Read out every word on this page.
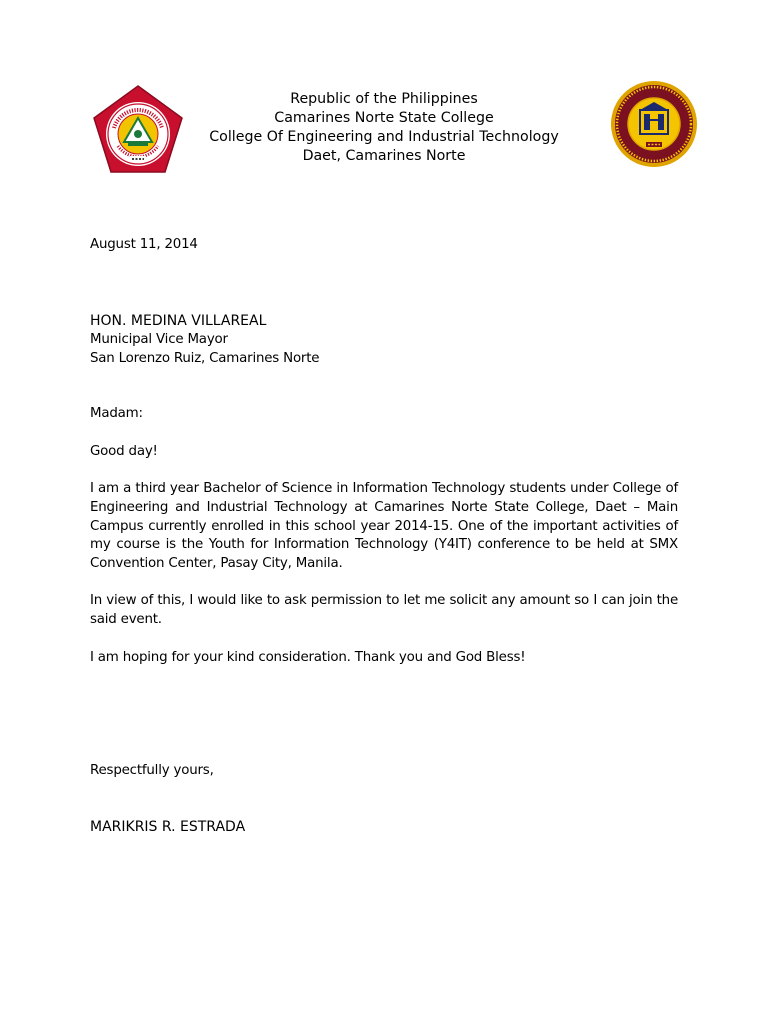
Republic of the Philippines
Camarines Norte State College
College Of Engineering and Industrial Technology
Daet, Camarines Norte
August 11, 2014
HON. MEDINA VILLAREAL
Municipal Vice Mayor
San Lorenzo Ruiz, Camarines Norte
Madam:
Good day!
I am a third year Bachelor of Science in Information Technology students under College of Engineering and Industrial Technology at Camarines Norte State College, Daet – Main Campus currently enrolled in this school year 2014-15. One of the important activities of my course is the Youth for Information Technology (Y4IT) conference to be held at SMX Convention Center, Pasay City, Manila.
In view of this, I would like to ask permission to let me solicit any amount so I can join the said event.
I am hoping for your kind consideration. Thank you and God Bless!
Respectfully yours,
MARIKRIS R. ESTRADA
